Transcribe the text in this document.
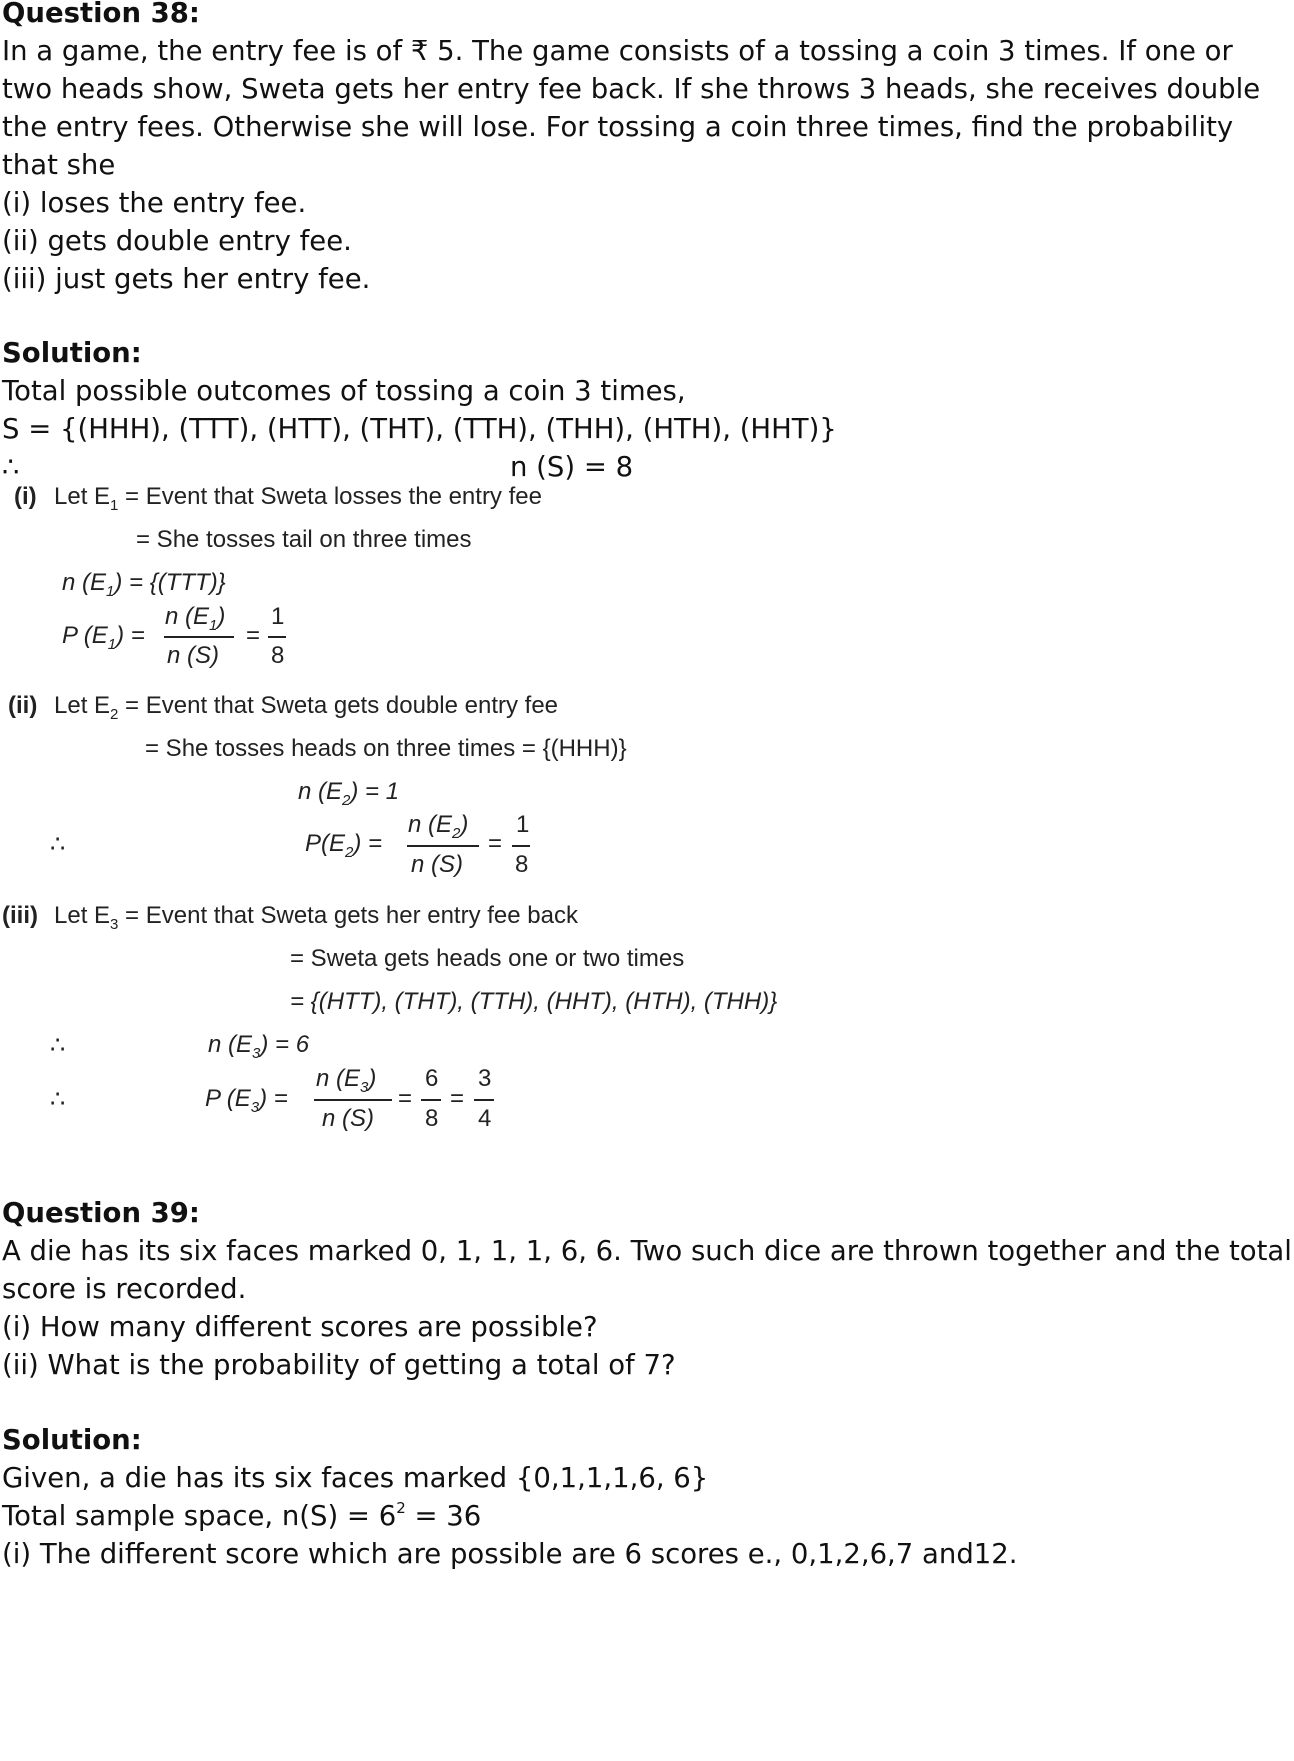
Question 38:
In a game, the entry fee is of ₹ 5. The game consists of a tossing a coin 3 times. If one or
two heads show, Sweta gets her entry fee back. If she throws 3 heads, she receives double
the entry fees. Otherwise she will lose. For tossing a coin three times, find the probability
that she
(i) loses the entry fee.
(ii) gets double entry fee.
(iii) just gets her entry fee.
Solution:
Total possible outcomes of tossing a coin 3 times,
S = {(HHH), (TTT), (HTT), (THT), (TTH), (THH), (HTH), (HHT)}
∴	n (S) = 8
(i) Let $E_1$ = Event that Sweta losses the entry fee
= She tosses tail on three times
n $(E_1) = \{(TTT)\}$
P $(E_1)$ =
n $(E_1)$
n (S)
=
1
8
(ii) Let $E_2$ = Event that Sweta gets double entry fee
= She tosses heads on three times = {(HHH)}
n $(E_2) = 1$
∴	$P(E_2)$ =
n $(E_2)$
n (S)
=
1
8
(iii) Let $E_3$ = Event that Sweta gets her entry fee back
= Sweta gets heads one or two times
= {(HTT), (THT), (TTH), (HHT), (HTH), (THH)}
∴	n $(E_3) = 6$
∴	P $(E_3)$ =
n $(E_3)$
n (S)
=
6
8
=
3
4
Question 39:
A die has its six faces marked 0, 1, 1, 1, 6, 6. Two such dice are thrown together and the total
score is recorded.
(i) How many different scores are possible?
(ii) What is the probability of getting a total of 7?
Solution:
Given, a die has its six faces marked {0,1,1,1,6, 6}
Total sample space, $n(S) = 6^2 = 36$
(i) The different score which are possible are 6 scores e., 0,1,2,6,7 and12.
